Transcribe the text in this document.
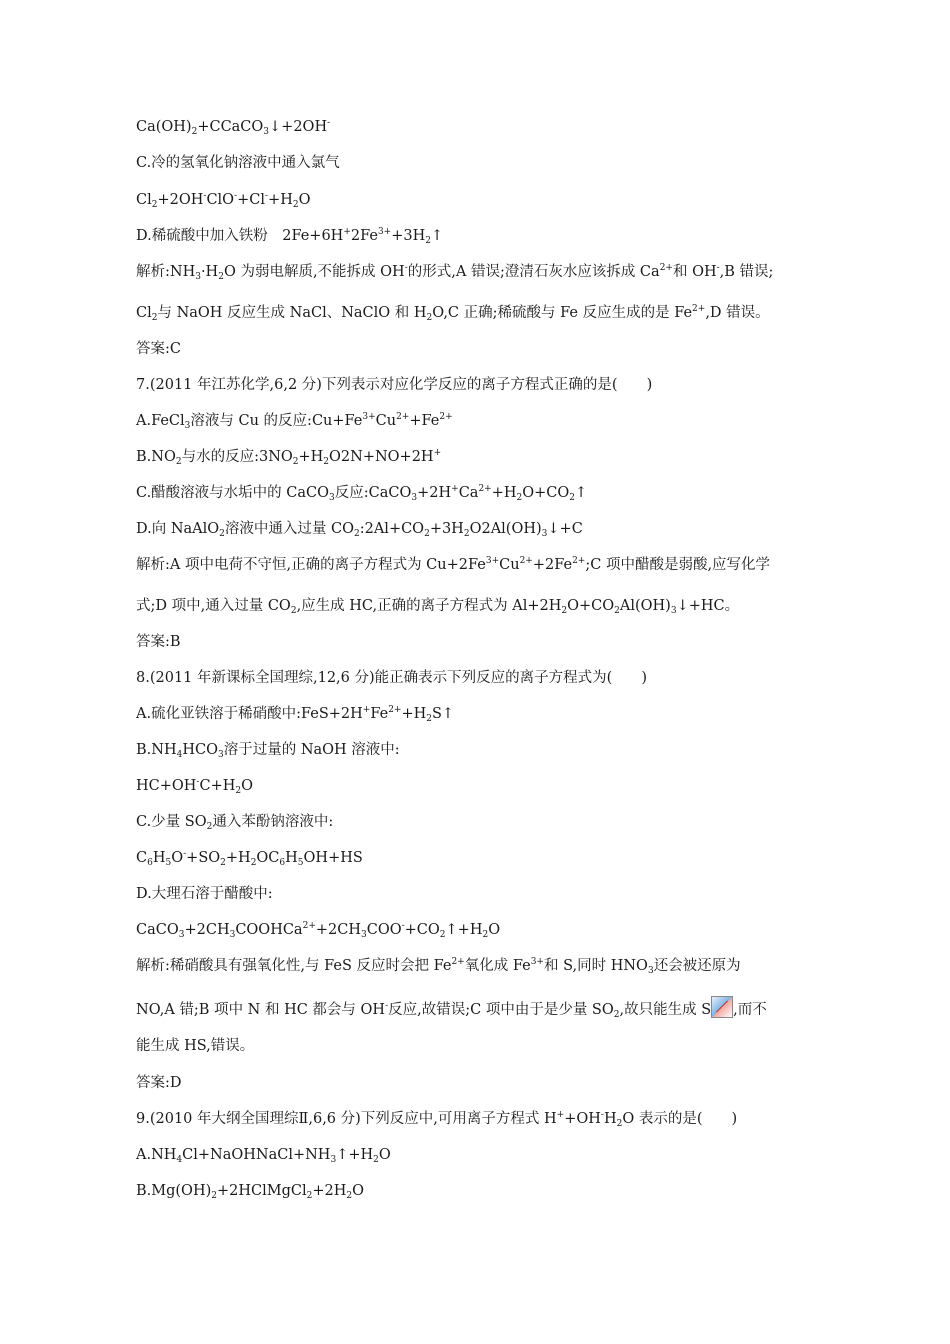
$Ca(OH)_2+CCaCO_3↓+2OH^-$
C.冷的氢氧化钠溶液中通入氯气
$Cl_2+2OH^-ClO^-+Cl^-+H_2O$
D.稀硫酸中加入铁粉　$2Fe+6H^+2Fe^{3+}+3H_2↑$
解析$:NH_3\cdot H_2O$ 为弱电解质,不能拆成 OH-的形式,A 错误;澄清石灰水应该拆成 $Ca^{2+}$和 OH-,B 错误;
$Cl_2$与 NaOH 反应生成 NaCl、NaClO 和 $H_2O,C$ 正确;稀硫酸与 Fe 反应生成的是 $Fe^{2+},D$ 错误。
答案:C
7.(2011 年江苏化学,6,2 分)下列表示对应化学反应的离子方程式正确的是(　　)
A.FeCl$_3$溶液与 Cu 的反应$:Cu+Fe^{3+}Cu^{2+}+Fe^{2+}$
$B.NO_2$与水的反应$:3NO_2+H_2O2N+NO+2H^+$
C.醋酸溶液与水垢中的 CaCO$_3$反应$:CaCO_3+2H^+Ca^{2+}+H_2O+CO_2↑$
D.向 NaAlO$_2$溶液中通入过量 $CO_2:2Al+CO_2+3H_2O2Al(OH)_3↓+C$
解析:A 项中电荷不守恒,正确的离子方程式为 $Cu+2Fe^{3+}Cu^{2+}+2Fe^{2+};C$ 项中醋酸是弱酸,应写化学
式;D 项中,通入过量 $CO_2$,应生成 HC,正确的离子方程式为 $Al+2H_2O+CO_2Al(OH)_3↓+HC$。
答案:B
8.(2011 年新课标全国理综,12,6 分)能正确表示下列反应的离子方程式为(　　)
A.硫化亚铁溶于稀硝酸中$:FeS+2H^+Fe^{2+}+H_2S↑$
$B.NH_4HCO_3$溶于过量的 NaOH 溶液中:
$HC+OH^-C+H_2O$
C.少量 $SO_2$通入苯酚钠溶液中:
$C_6H_5O^-+SO_2+H_2OC_6H_5OH+HS$
D.大理石溶于醋酸中:
$CaCO_3+2CH_3COOHCa^{2+}+2CH_3COO^-+CO_2↑+H_2O$
解析:稀硝酸具有强氧化性,与 FeS 反应时会把 $Fe^{2+}$氧化成 $Fe^{3+}$和 S,同时 $HNO_3$还会被还原为
NO,A 错;B 项中 N 和 HC 都会与 OH-反应,故错误;C 项中由于是少量 $SO_2$,故只能生成 S ,而不
能生成 HS,错误。
答案:D
9.(2010 年大纲全国理综Ⅱ,6,6 分)下列反应中,可用离子方程式 $H^++OH^-H_2O$ 表示的是(　　)
$A.NH_4Cl+NaOHNaCl+NH_3↑+H_2O$
$B.Mg(OH)_2+2HClMgCl_2+2H_2O$
